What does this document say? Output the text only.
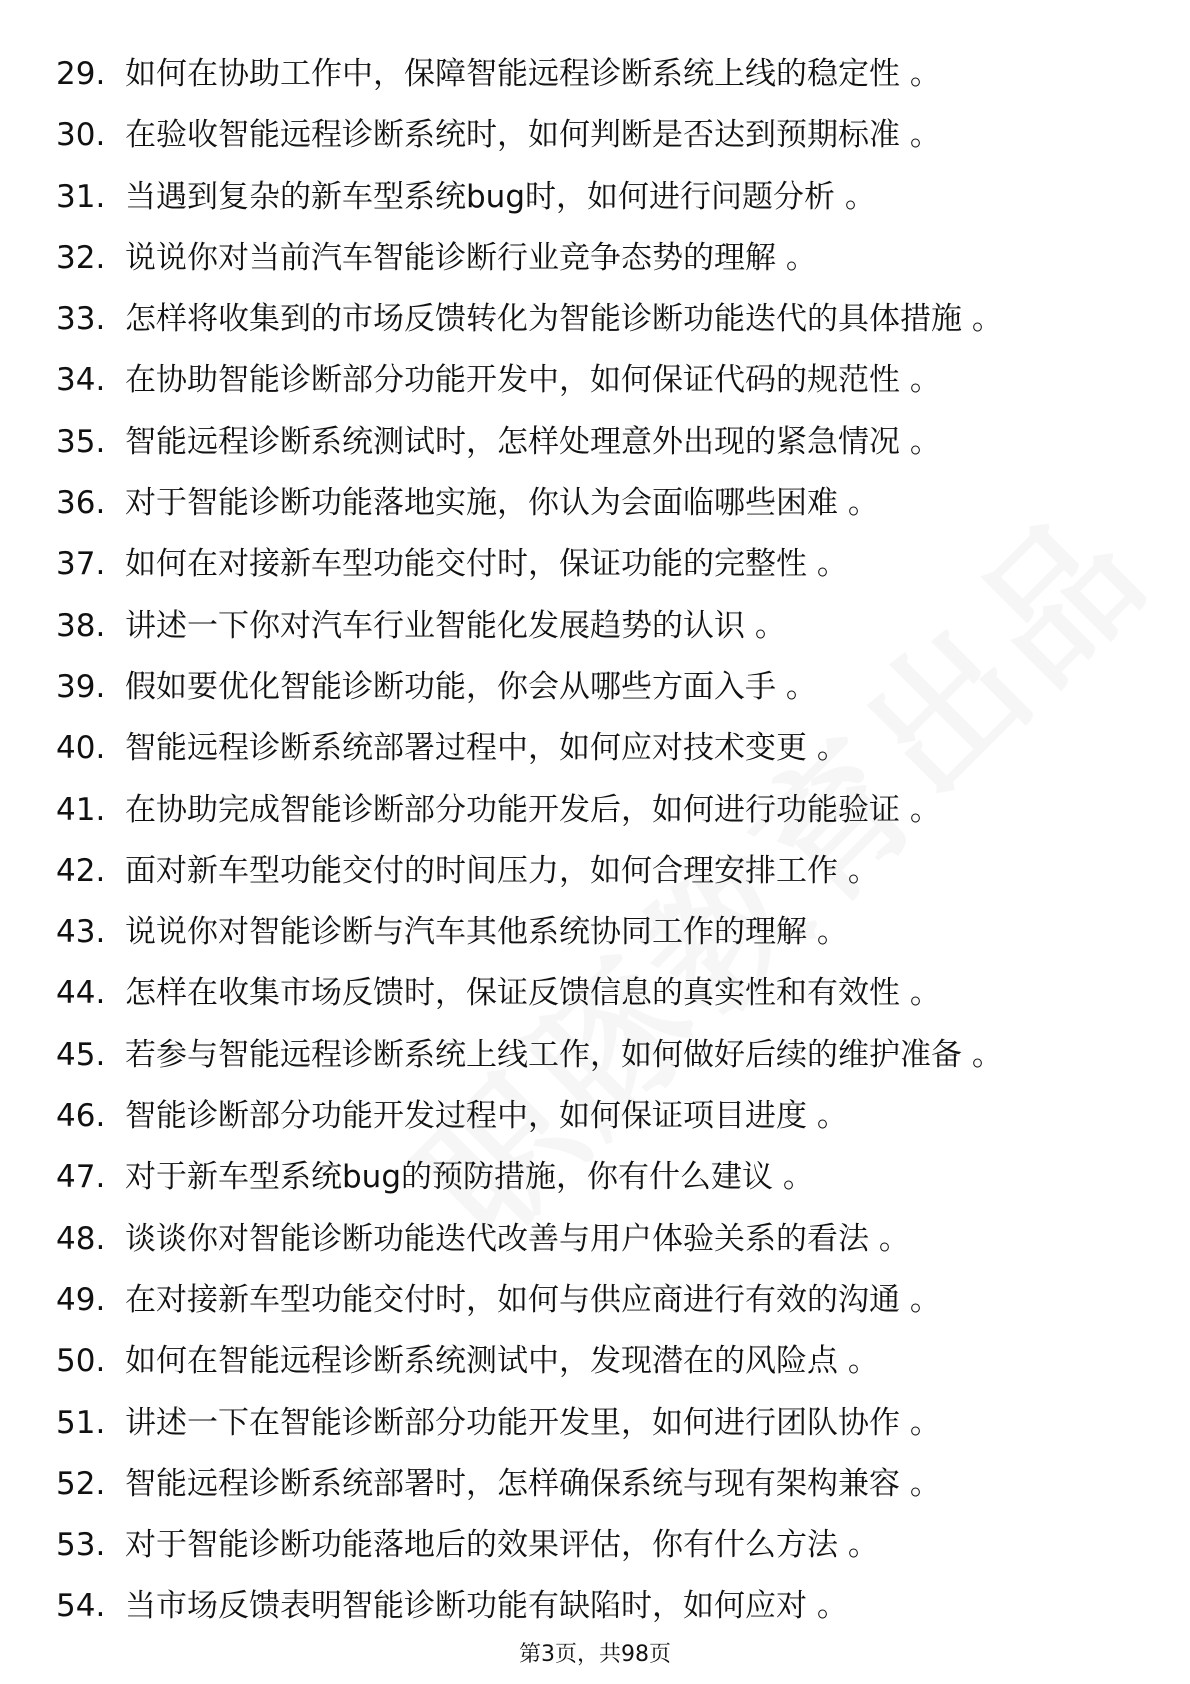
29. 如何在协助工作中，保障智能远程诊断系统上线的稳定性 。
30. 在验收智能远程诊断系统时，如何判断是否达到预期标准 。
31. 当遇到复杂的新车型系统bug时，如何进行问题分析 。
32. 说说你对当前汽车智能诊断行业竞争态势的理解 。
33. 怎样将收集到的市场反馈转化为智能诊断功能迭代的具体措施 。
34. 在协助智能诊断部分功能开发中，如何保证代码的规范性 。
35. 智能远程诊断系统测试时，怎样处理意外出现的紧急情况 。
36. 对于智能诊断功能落地实施，你认为会面临哪些困难 。
37. 如何在对接新车型功能交付时，保证功能的完整性 。
38. 讲述一下你对汽车行业智能化发展趋势的认识 。
39. 假如要优化智能诊断功能，你会从哪些方面入手 。
40. 智能远程诊断系统部署过程中，如何应对技术变更 。
41. 在协助完成智能诊断部分功能开发后，如何进行功能验证 。
42. 面对新车型功能交付的时间压力，如何合理安排工作 。
43. 说说你对智能诊断与汽车其他系统协同工作的理解 。
44. 怎样在收集市场反馈时，保证反馈信息的真实性和有效性 。
45. 若参与智能远程诊断系统上线工作，如何做好后续的维护准备 。
46. 智能诊断部分功能开发过程中，如何保证项目进度 。
47. 对于新车型系统bug的预防措施，你有什么建议 。
48. 谈谈你对智能诊断功能迭代改善与用户体验关系的看法 。
49. 在对接新车型功能交付时，如何与供应商进行有效的沟通 。
50. 如何在智能远程诊断系统测试中，发现潜在的风险点 。
51. 讲述一下在智能诊断部分功能开发里，如何进行团队协作 。
52. 智能远程诊断系统部署时，怎样确保系统与现有架构兼容 。
53. 对于智能诊断功能落地后的效果评估，你有什么方法 。
54. 当市场反馈表明智能诊断功能有缺陷时，如何应对 。
第3页，共98页
